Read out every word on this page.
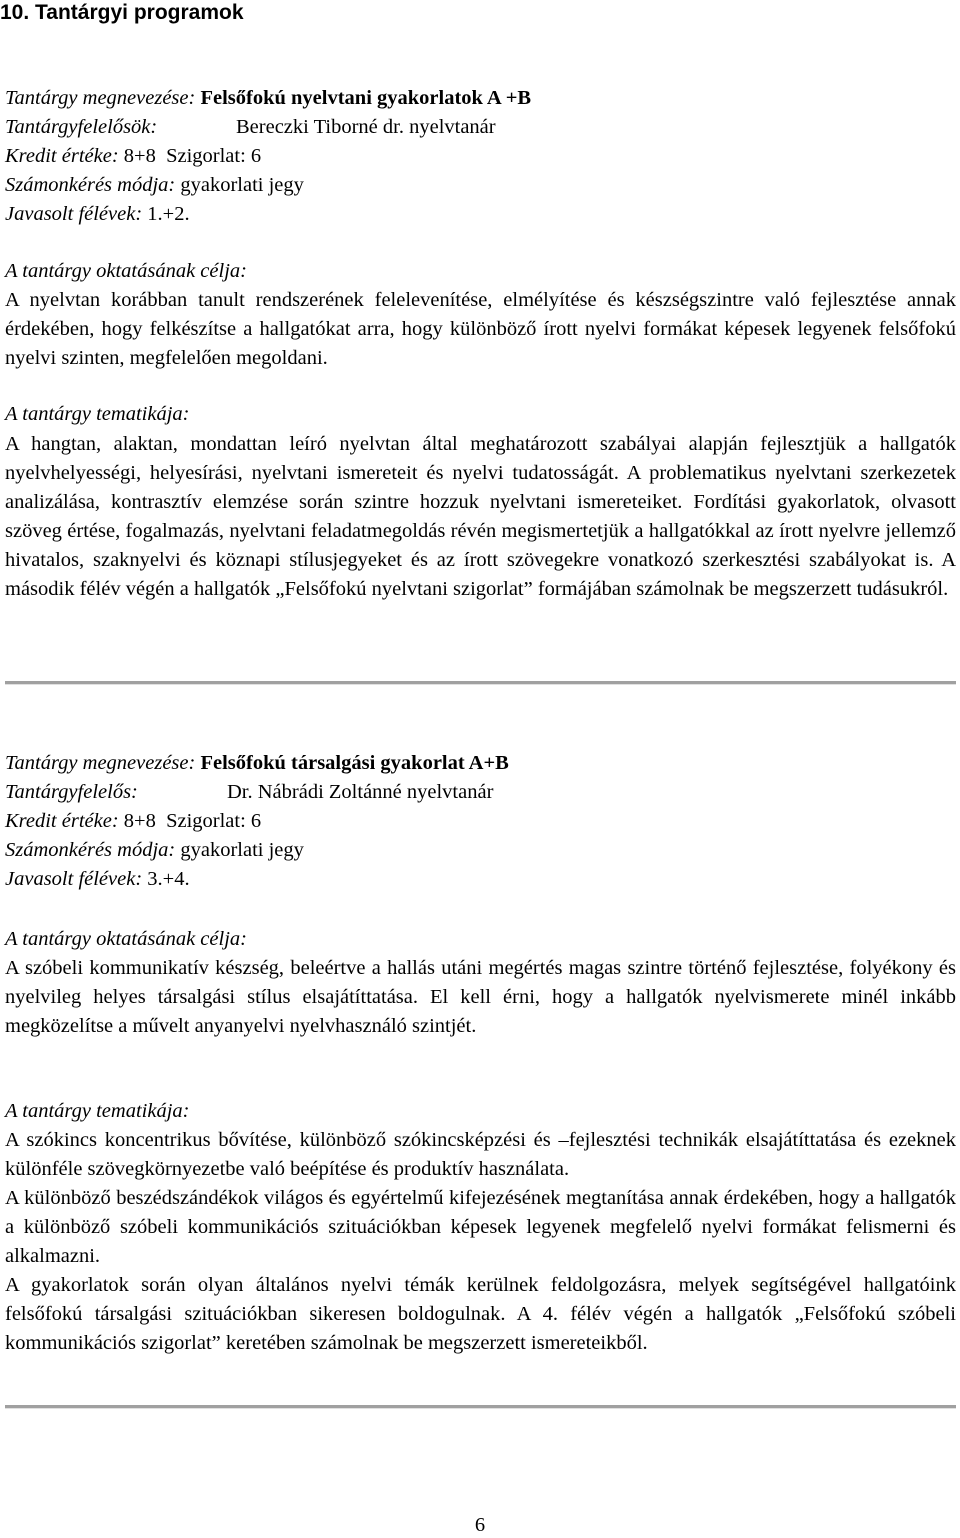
10. Tantárgyi programok
Tantárgy megnevezése: Felsőfokú nyelvtani gyakorlatok A +B
Tantárgyfelelősök:	Bereczki Tiborné dr. nyelvtanár
Kredit értéke: 8+8  Szigorlat: 6
Számonkérés módja: gyakorlati jegy
Javasolt félévek: 1.+2.
A tantárgy oktatásának célja:

A nyelvtan korábban tanult rendszerének felelevenítése, elmélyítése és készségszintre való fejlesztése annak érdekében, hogy felkészítse a hallgatókat arra, hogy különböző írott nyelvi formákat képesek legyenek felsőfokú nyelvi szinten, megfelelően megoldani.

A tantárgy tematikája:

A hangtan, alaktan, mondattan leíró nyelvtan által meghatározott szabályai alapján fejlesztjük a hallgatók nyelvhelyességi, helyesírási, nyelvtani ismereteit és nyelvi tudatosságát. A problematikus nyelvtani szerkezetek analizálása, kontrasztív elemzése során szintre hozzuk nyelvtani ismereteiket. Fordítási gyakorlatok, olvasott szöveg értése, fogalmazás, nyelvtani feladatmegoldás révén megismertetjük a hallgatókkal az írott nyelvre jellemző hivatalos, szaknyelvi és köznapi stílusjegyeket és az írott szövegekre vonatkozó szerkesztési szabályokat is. A második félév végén a hallgatók „Felsőfokú nyelvtani szigorlat” formájában számolnak be megszerzett tudásukról.

Tantárgy megnevezése: Felsőfokú társalgási gyakorlat A+B
Tantárgyfelelős:	Dr. Nábrádi Zoltánné nyelvtanár
Kredit értéke: 8+8  Szigorlat: 6
Számonkérés módja: gyakorlati jegy
Javasolt félévek: 3.+4.
A tantárgy oktatásának célja:

A szóbeli kommunikatív készség, beleértve a hallás utáni megértés magas szintre történő fejlesztése, folyékony és nyelvileg helyes társalgási stílus elsajátíttatása. El kell érni, hogy a hallgatók nyelvismerete minél inkább megközelítse a művelt anyanyelvi nyelvhasználó szintjét.

A tantárgy tematikája:

A szókincs koncentrikus bővítése, különböző szókincsképzési és –fejlesztési technikák elsajátíttatása és ezeknek különféle szövegkörnyezetbe való beépítése és produktív használata.

A különböző beszédszándékok világos és egyértelmű kifejezésének megtanítása annak érdekében, hogy a hallgatók a különböző szóbeli kommunikációs szituációkban képesek legyenek megfelelő nyelvi formákat felismerni és alkalmazni.

A gyakorlatok során olyan általános nyelvi témák kerülnek feldolgozásra, melyek segítségével hallgatóink felsőfokú társalgási szituációkban sikeresen boldogulnak. A 4. félév végén a hallgatók „Felsőfokú szóbeli kommunikációs szigorlat” keretében számolnak be megszerzett ismereteikből.

6
